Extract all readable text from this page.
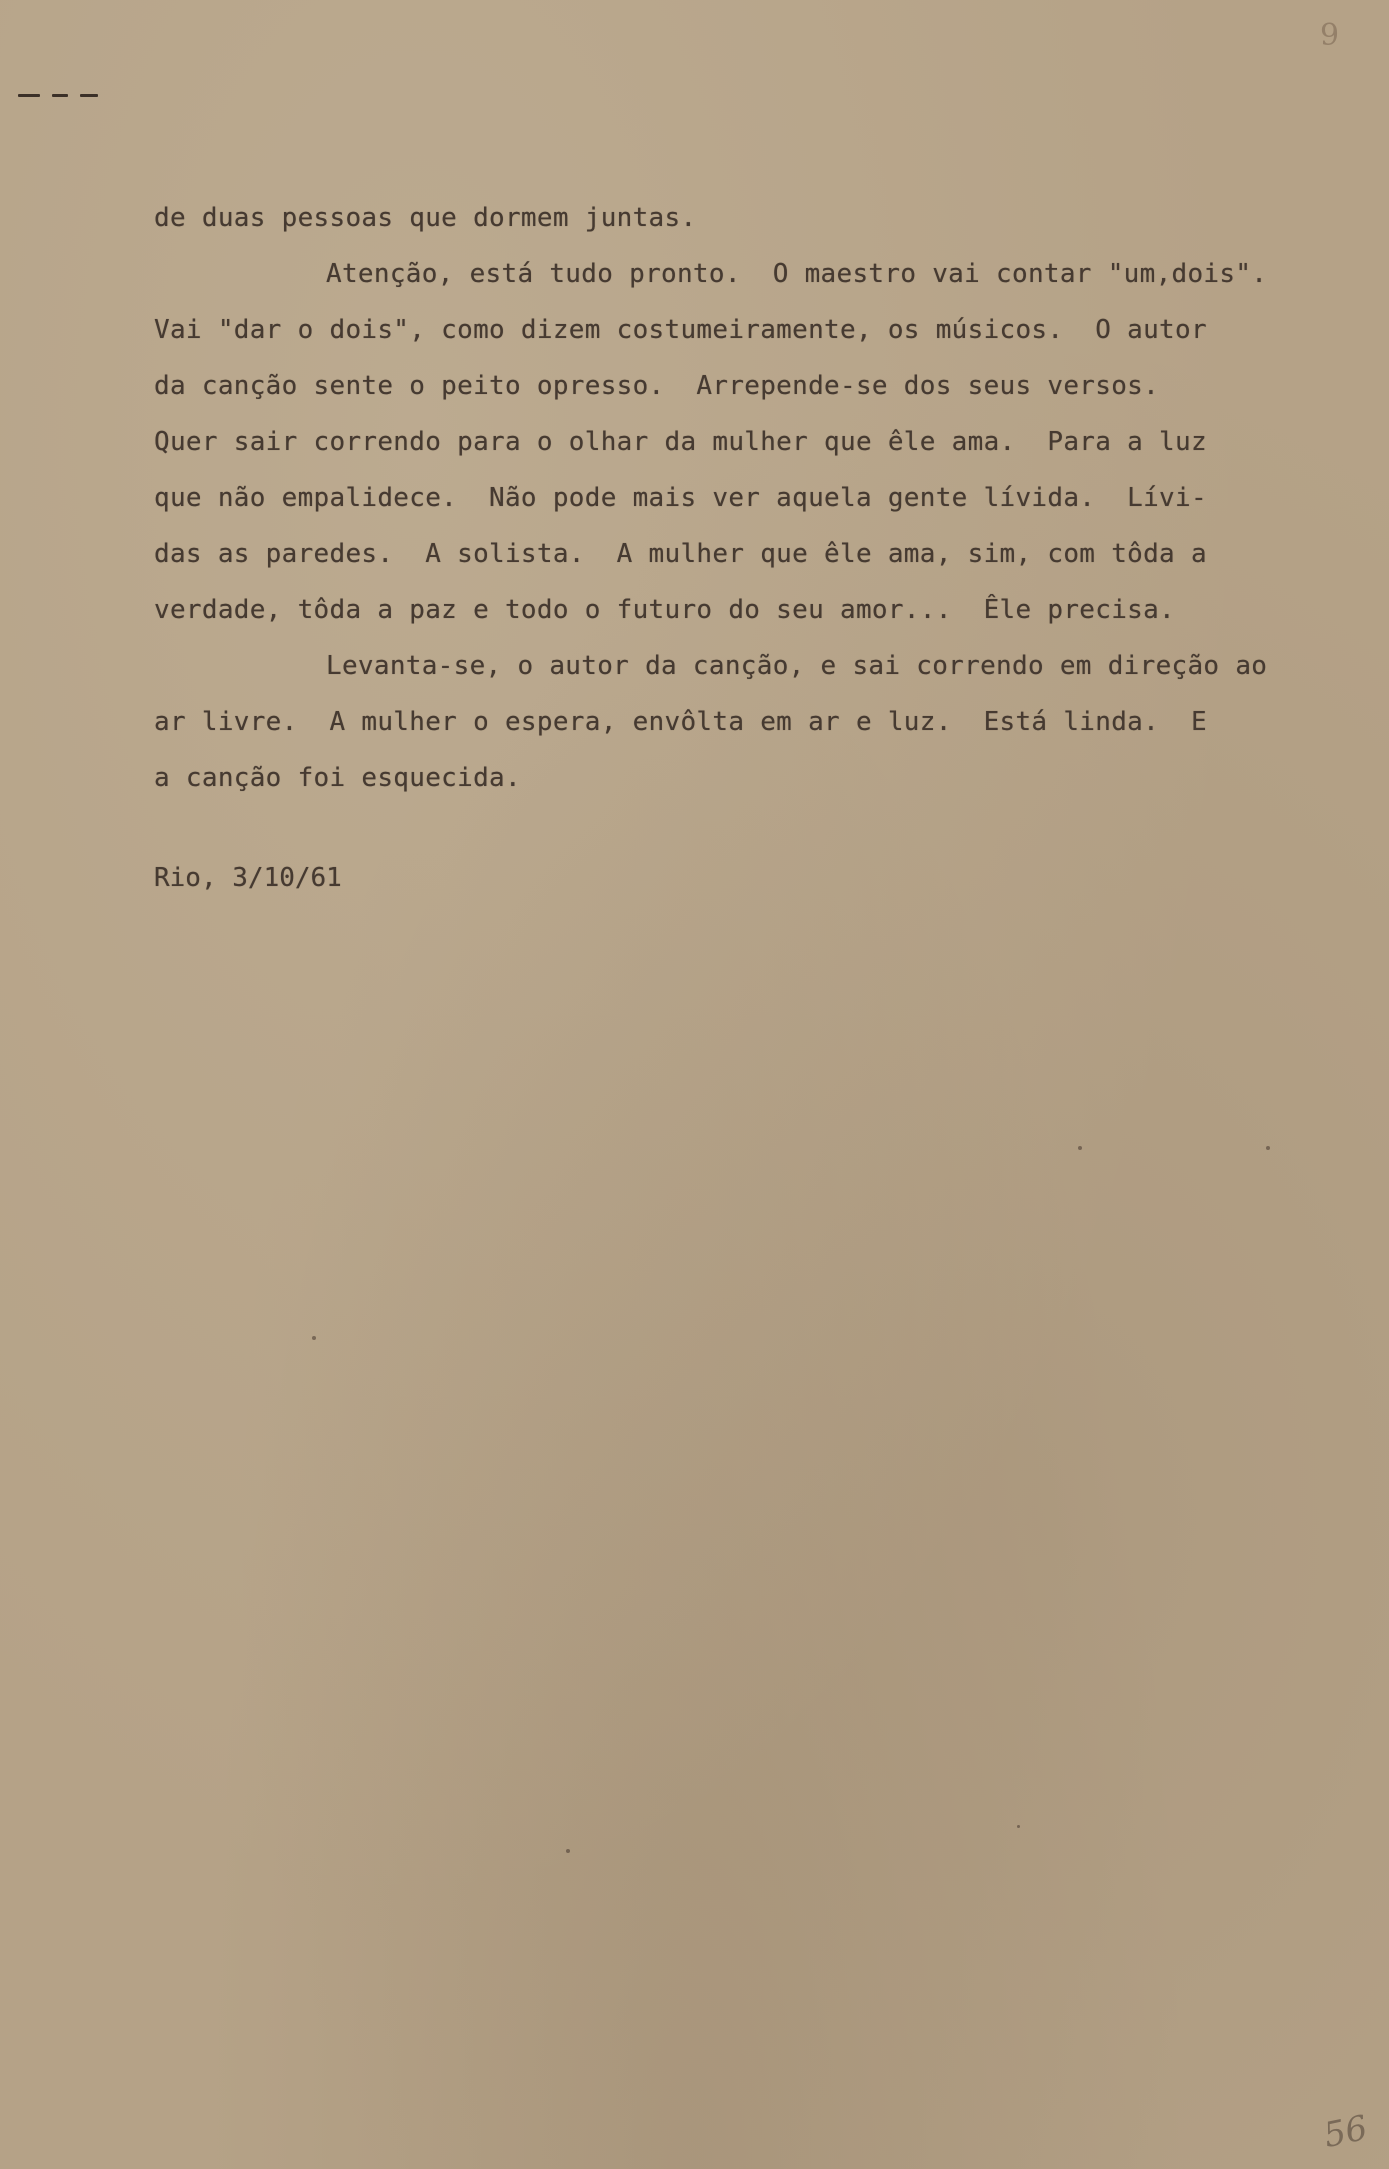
9
de duas pessoas que dormem juntas.
Atenção, está tudo pronto.  O maestro vai contar "um,dois".
Vai "dar o dois", como dizem costumeiramente, os músicos.  O autor
da canção sente o peito opresso.  Arrepende-se dos seus versos.
Quer sair correndo para o olhar da mulher que êle ama.  Para a luz
que não empalidece.  Não pode mais ver aquela gente lívida.  Lívi-
das as paredes.  A solista.  A mulher que êle ama, sim, com tôda a
verdade, tôda a paz e todo o futuro do seu amor...  Êle precisa.
Levanta-se, o autor da canção, e sai correndo em direção ao
ar livre.  A mulher o espera, envôlta em ar e luz.  Está linda.  E
a canção foi esquecida.
Rio, 3/10/61
56
